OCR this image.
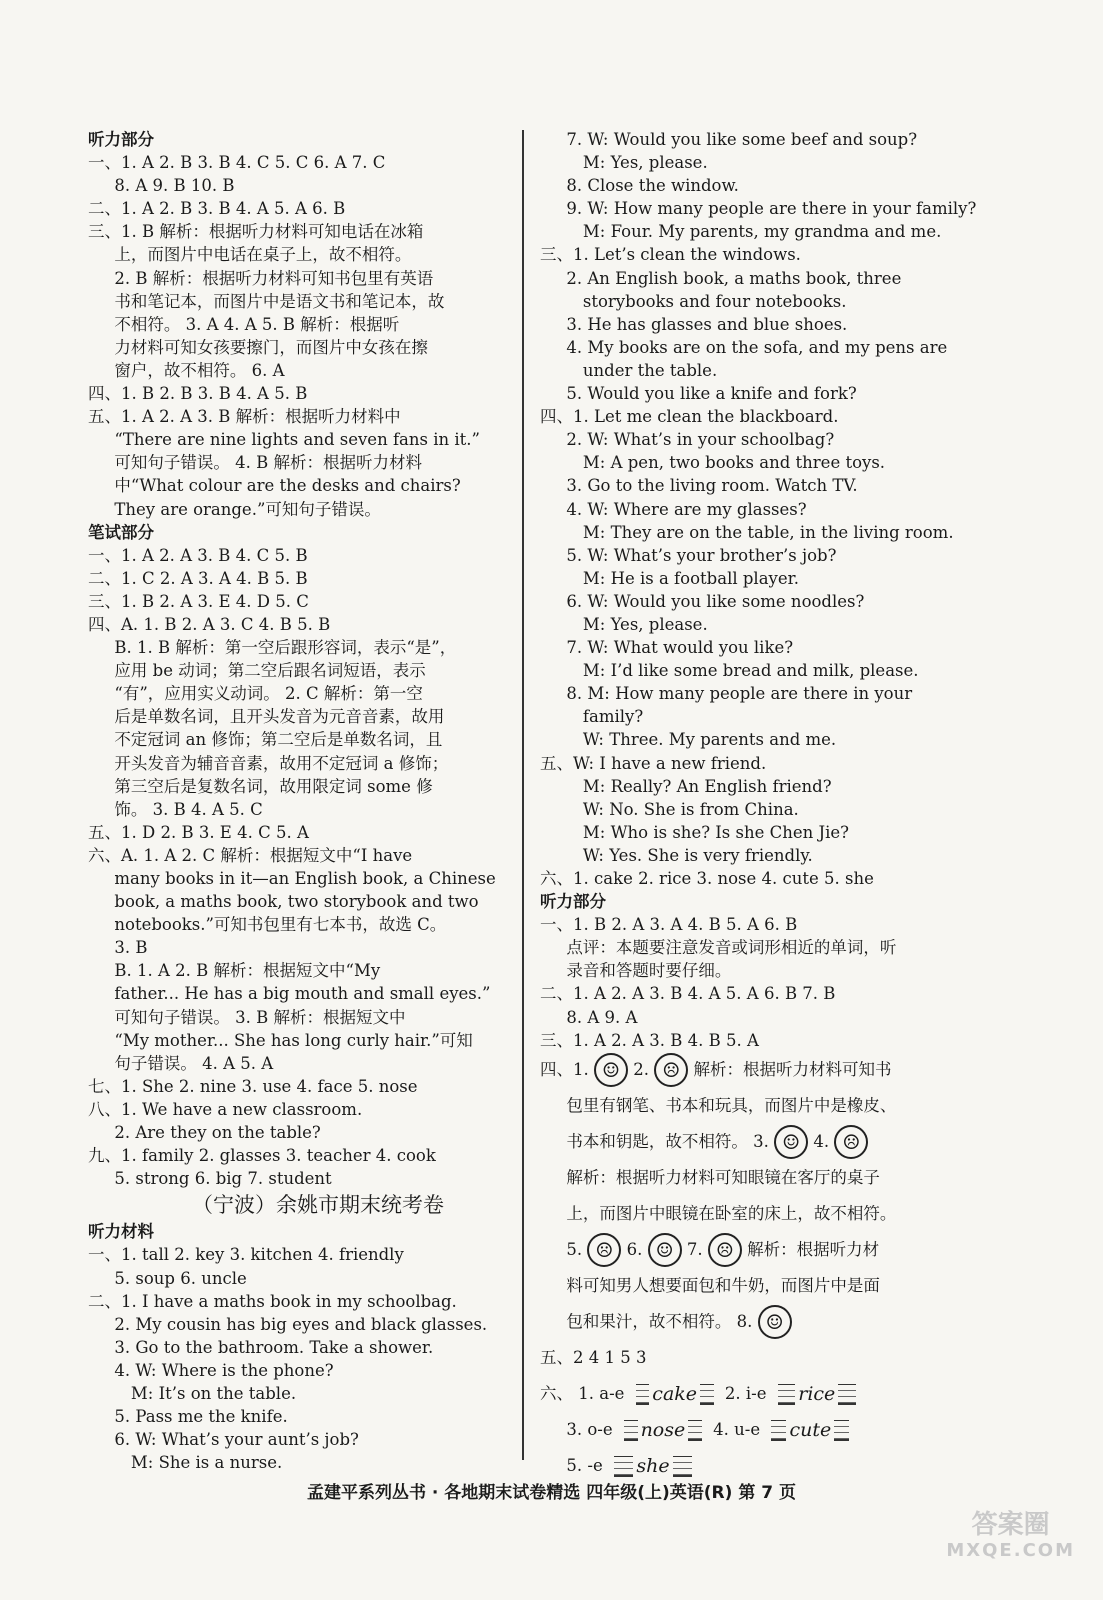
听力部分
一、1. A 2. B 3. B 4. C 5. C 6. A 7. C
8. A 9. B 10. B
二、1. A 2. B 3. B 4. A 5. A 6. B
三、1. B 解析：根据听力材料可知电话在冰箱
上，而图片中电话在桌子上，故不相符。
2. B 解析：根据听力材料可知书包里有英语
书和笔记本，而图片中是语文书和笔记本，故
不相符。 3. A 4. A 5. B 解析：根据听
力材料可知女孩要擦门，而图片中女孩在擦
窗户，故不相符。 6. A
四、1. B 2. B 3. B 4. A 5. B
五、1. A 2. A 3. B 解析：根据听力材料中
“There are nine lights and seven fans in it.”
可知句子错误。 4. B 解析：根据听力材料
中“What colour are the desks and chairs?
They are orange.”可知句子错误。
笔试部分
一、1. A 2. A 3. B 4. C 5. B
二、1. C 2. A 3. A 4. B 5. B
三、1. B 2. A 3. E 4. D 5. C
四、A. 1. B 2. A 3. C 4. B 5. B
B. 1. B 解析：第一空后跟形容词，表示“是”，
应用 be 动词；第二空后跟名词短语，表示
“有”，应用实义动词。 2. C 解析：第一空
后是单数名词，且开头发音为元音音素，故用
不定冠词 an 修饰；第二空后是单数名词，且
开头发音为辅音音素，故用不定冠词 a 修饰；
第三空后是复数名词，故用限定词 some 修
饰。 3. B 4. A 5. C
五、1. D 2. B 3. E 4. C 5. A
六、A. 1. A 2. C 解析：根据短文中“I have
many books in it—an English book, a Chinese
book, a maths book, two storybook and two
notebooks.”可知书包里有七本书，故选 C。
3. B
B. 1. A 2. B 解析：根据短文中“My
father... He has a big mouth and small eyes.”
可知句子错误。 3. B 解析：根据短文中
“My mother... She has long curly hair.”可知
句子错误。 4. A 5. A
七、1. She 2. nine 3. use 4. face 5. nose
八、1. We have a new classroom.
2. Are they on the table?
九、1. family 2. glasses 3. teacher 4. cook
5. strong 6. big 7. student
（宁波）余姚市期末统考卷
听力材料
一、1. tall 2. key 3. kitchen 4. friendly
5. soup 6. uncle
二、1. I have a maths book in my schoolbag.
2. My cousin has big eyes and black glasses.
3. Go to the bathroom. Take a shower.
4. W: Where is the phone?
M: It’s on the table.
5. Pass me the knife.
6. W: What’s your aunt’s job?
M: She is a nurse.
7. W: Would you like some beef and soup?
M: Yes, please.
8. Close the window.
9. W: How many people are there in your family?
M: Four. My parents, my grandma and me.
三、1. Let’s clean the windows.
2. An English book, a maths book, three
storybooks and four notebooks.
3. He has glasses and blue shoes.
4. My books are on the sofa, and my pens are
under the table.
5. Would you like a knife and fork?
四、1. Let me clean the blackboard.
2. W: What’s in your schoolbag?
M: A pen, two books and three toys.
3. Go to the living room. Watch TV.
4. W: Where are my glasses?
M: They are on the table, in the living room.
5. W: What’s your brother’s job?
M: He is a football player.
6. W: Would you like some noodles?
M: Yes, please.
7. W: What would you like?
M: I’d like some bread and milk, please.
8. M: How many people are there in your
family?
W: Three. My parents and me.
五、W: I have a new friend.
M: Really? An English friend?
W: No. She is from China.
M: Who is she? Is she Chen Jie?
W: Yes. She is very friendly.
六、1. cake 2. rice 3. nose 4. cute 5. she
听力部分
一、1. B 2. A 3. A 4. B 5. A 6. B
点评：本题要注意发音或词形相近的单词，听
录音和答题时要仔细。
二、1. A 2. A 3. B 4. A 5. A 6. B 7. B
8. A 9. A
三、1. A 2. A 3. B 4. B 5. A
四、1. ☺ 2. ☹ 解析：根据听力材料可知书
包里有钢笔、书本和玩具，而图片中是橡皮、
书本和钥匙，故不相符。 3. ☺ 4. ☹
解析：根据听力材料可知眼镜在客厅的桌子
上，而图片中眼镜在卧室的床上，故不相符。
5. ☹ 6. ☺ 7. ☹ 解析：根据听力材
料可知男人想要面包和牛奶，而图片中是面
包和果汁，故不相符。 8. ☺
五、2 4 1 5 3
六、 1. a-e cake 2. i-e rice
3. o-e nose 4. u-e cute
5. -e she
孟建平系列丛书 · 各地期末试卷精选 四年级(上)英语(R) 第 7 页
答案圈
MXQE.COM
